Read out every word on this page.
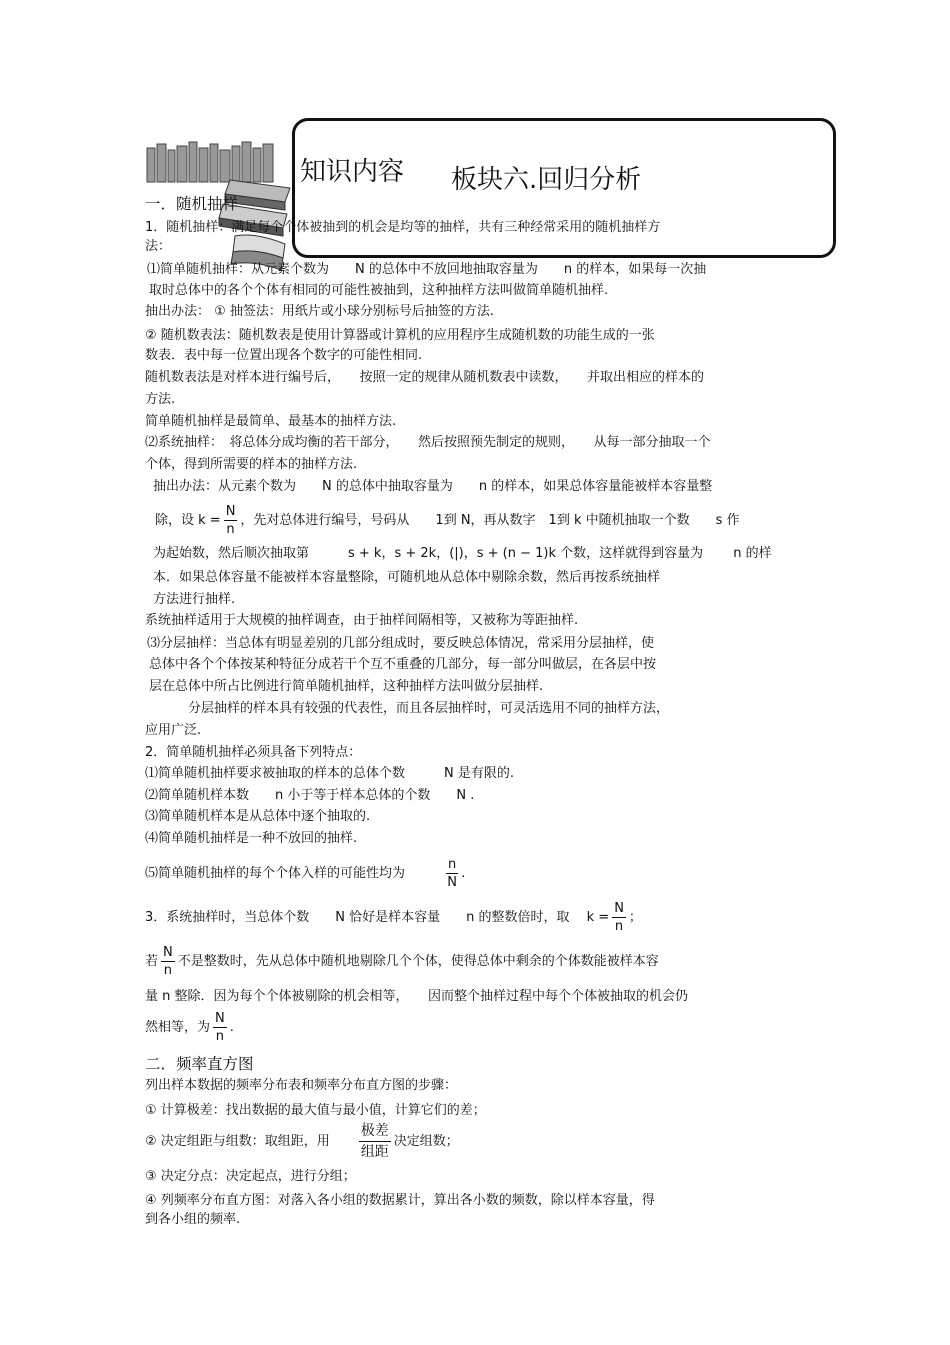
知识内容 板块六.回归分析
一．随机抽样
1．随机抽样：满足每个个体被抽到的机会是均等的抽样，共有三种经常采用的随机抽样方
法：
⑴简单随机抽样：从元素个数为　　N 的总体中不放回地抽取容量为　　n 的样本，如果每一次抽
取时总体中的各个个体有相同的可能性被抽到，这种抽样方法叫做简单随机抽样.
抽出办法： ① 抽签法：用纸片或小球分别标号后抽签的方法.
② 随机数表法：随机数表是使用计算器或计算机的应用程序生成随机数的功能生成的一张
数表．表中每一位置出现各个数字的可能性相同.
随机数表法是对样本进行编号后，　　按照一定的规律从随机数表中读数，　　并取出相应的样本的
方法.
简单随机抽样是最简单、最基本的抽样方法.
⑵系统抽样：　将总体分成均衡的若干部分，　　然后按照预先制定的规则，　　从每一部分抽取一个
个体，得到所需要的样本的抽样方法.
抽出办法：从元素个数为　　N 的总体中抽取容量为　　n 的样本，如果总体容量能被样本容量整
除，设 $k = \frac{N}{n}$ ，先对总体进行编号，号码从　　1到 N，再从数字　1到 k 中随机抽取一个数　　s 作
为起始数，然后顺次抽取第　　　s + k，s + 2k，(|)，s + (n − 1)k 个数，这样就得到容量为　　 n 的样
本．如果总体容量不能被样本容量整除，可随机地从总体中剔除余数，然后再按系统抽样
方法进行抽样.
系统抽样适用于大规模的抽样调查，由于抽样间隔相等，又被称为等距抽样.
⑶分层抽样：当总体有明显差别的几部分组成时，要反映总体情况，常采用分层抽样，使
总体中各个个体按某种特征分成若干个互不重叠的几部分，每一部分叫做层，在各层中按
层在总体中所占比例进行简单随机抽样，这种抽样方法叫做分层抽样.
分层抽样的样本具有较强的代表性，而且各层抽样时，可灵活选用不同的抽样方法，
应用广泛.
2．简单随机抽样必须具备下列特点：
⑴简单随机抽样要求被抽取的样本的总体个数　　　N 是有限的.
⑵简单随机样本数　　n 小于等于样本总体的个数　　N .
⑶简单随机样本是从总体中逐个抽取的.
⑷简单随机抽样是一种不放回的抽样.
⑸简单随机抽样的每个个体入样的可能性均为	$\frac{n}{N}$ .
3．系统抽样时，当总体个数　　N 恰好是样本容量　　n 的整数倍时，取　 $k = \frac{N}{n}$ ；
若 $\frac{N}{n}$ 不是整数时，先从总体中随机地剔除几个个体，使得总体中剩余的个体数能被样本容
量 n 整除．因为每个个体被剔除的机会相等，　　因而整个抽样过程中每个个体被抽取的机会仍
然相等，为 $\frac{N}{n}$ .
二．频率直方图
列出样本数据的频率分布表和频率分布直方图的步骤：
① 计算极差：找出数据的最大值与最小值，计算它们的差；
② 决定组距与组数：取组距，用 $\frac{\text{极差}}{\text{组距}}$ 决定组数；
③ 决定分点：决定起点，进行分组；
④ 列频率分布直方图：对落入各小组的数据累计，算出各小数的频数，除以样本容量，得
到各小组的频率.
